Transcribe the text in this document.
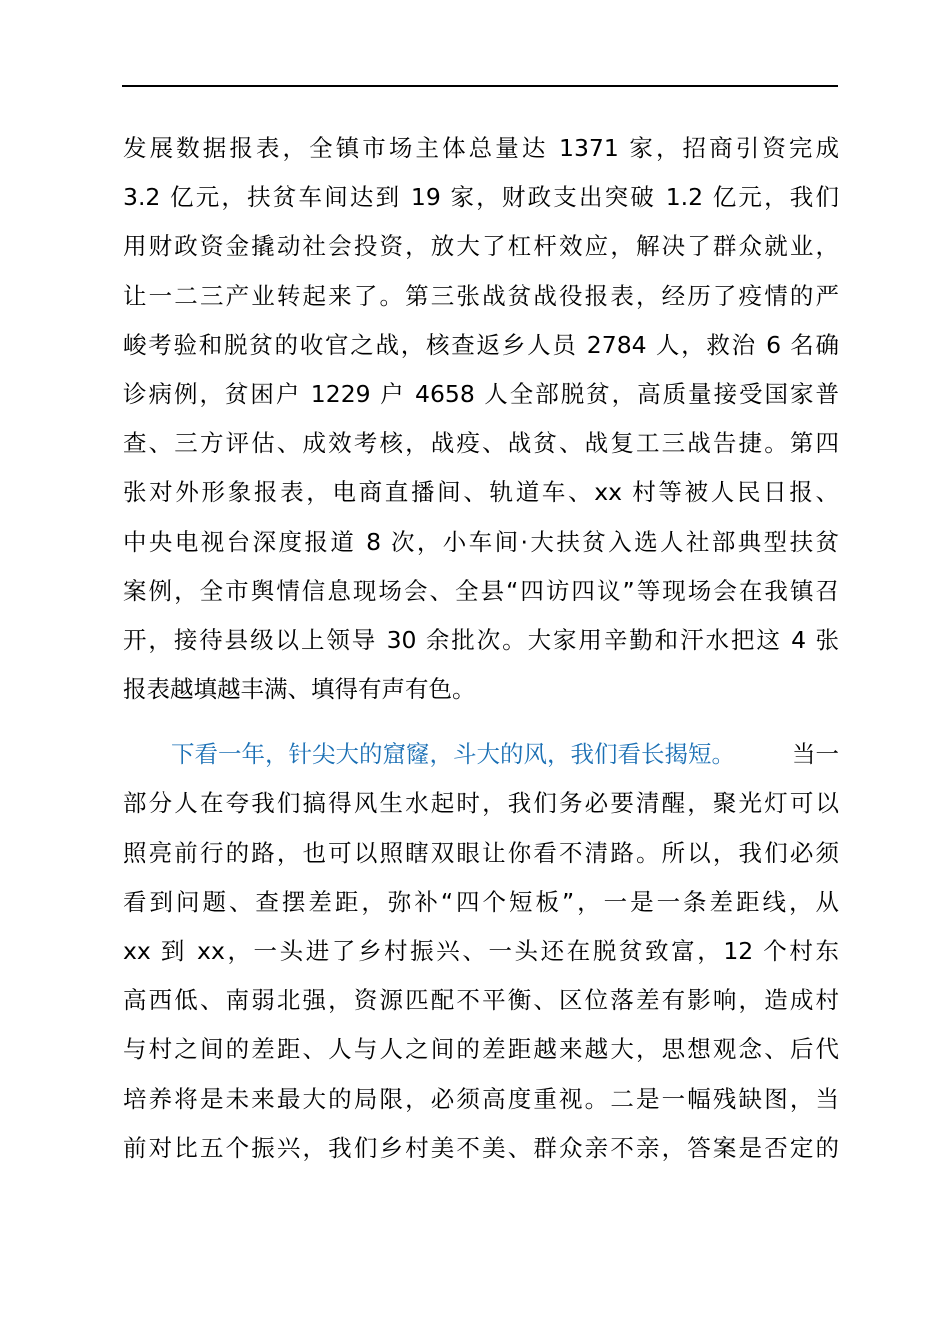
发展数据报表，全镇市场主体总量达 1371 家，招商引资完成
3.2 亿元，扶贫车间达到 19 家，财政支出突破 1.2 亿元，我们
用财政资金撬动社会投资，放大了杠杆效应，解决了群众就业，
让一二三产业转起来了。第三张战贫战役报表，经历了疫情的严
峻考验和脱贫的收官之战，核查返乡人员 2784 人，救治 6 名确
诊病例，贫困户 1229 户 4658 人全部脱贫，高质量接受国家普
查、三方评估、成效考核，战疫、战贫、战复工三战告捷。第四
张对外形象报表，电商直播间、轨道车、xx 村等被人民日报、
中央电视台深度报道 8 次，小车间·大扶贫入选人社部典型扶贫
案例，全市舆情信息现场会、全县“四访四议”等现场会在我镇召
开，接待县级以上领导 30 余批次。大家用辛勤和汗水把这 4 张
报表越填越丰满、填得有声有色。
下看一年，针尖大的窟窿，斗大的风，我们看长揭短。 当一
部分人在夸我们搞得风生水起时，我们务必要清醒，聚光灯可以
照亮前行的路，也可以照瞎双眼让你看不清路。所以，我们必须
看到问题、查摆差距，弥补“四个短板”，一是一条差距线，从
xx 到 xx，一头进了乡村振兴、一头还在脱贫致富，12 个村东
高西低、南弱北强，资源匹配不平衡、区位落差有影响，造成村
与村之间的差距、人与人之间的差距越来越大，思想观念、后代
培养将是未来最大的局限，必须高度重视。二是一幅残缺图，当
前对比五个振兴，我们乡村美不美、群众亲不亲，答案是否定的
